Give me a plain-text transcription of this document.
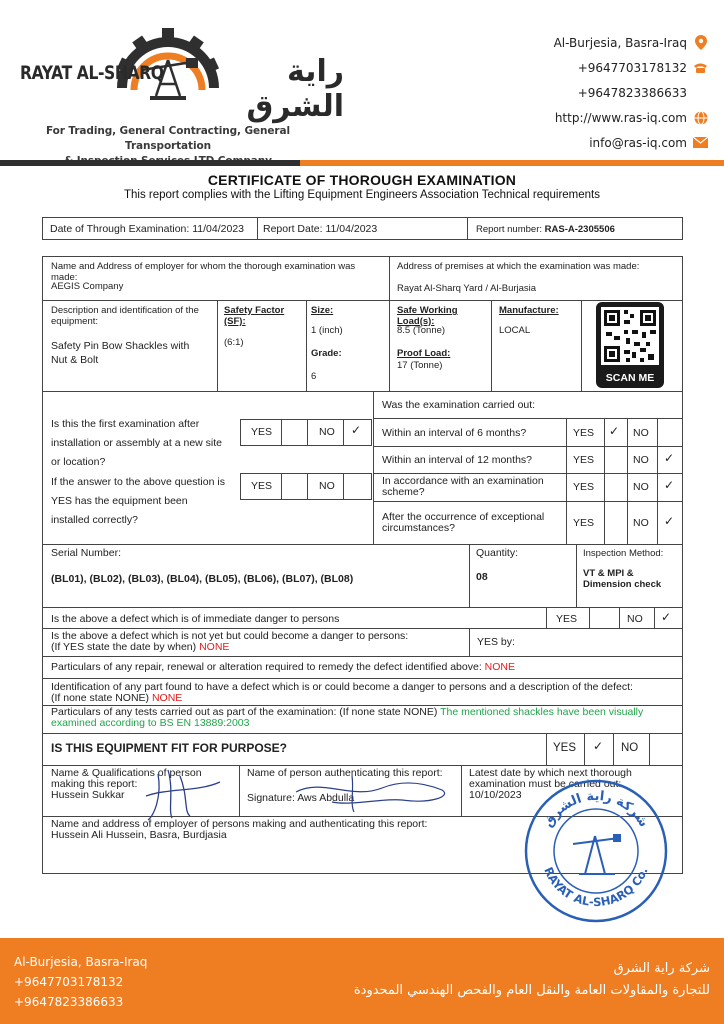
RAYAT AL-SHARQ	راية الشرق
For Trading, General Contracting, General Transportation
Al-Burjesia, Basra-Iraq
+9647703178132
+9647823386633
http://www.ras-iq.com
info@ras-iq.com
CERTIFICATE OF THOROUGH EXAMINATION
This report complies with the Lifting Equipment Engineers Association Technical requirements
Date of Through Examination: 11/04/2023 Report Date: 11/04/2023	Report number: RAS-A-2305506
Name and Address of employer for whom the thorough examination was made:
AEGIS Company
Address of premises at which the examination was made:
Rayat Al-Sharq Yard / Al-Burjasia
Description and identification of the equipment:
Safety Pin Bow Shackles with
Nut & Bolt
Safety Factor (SF):
(6:1)
Size:
1 (inch)
Grade:
6
Safe Working Load(s):
8.5 (Tonne)
Proof Load:
17 (Tonne)
Manufacture:
LOCAL
Is this the first examination after
installation or assembly at a new site
or location?
YES	NO ✓
If the answer to the above question is
YES has the equipment been
installed correctly?
YES	NO
Was the examination carried out:
Within an interval of 6 months?	YES ✓ NO
Within an interval of 12 months?	YES	NO ✓
In accordance with an examination
scheme?	YES	NO ✓
After the occurrence of exceptional
circumstances?	YES	NO ✓
Serial Number:
(BL01), (BL02), (BL03), (BL04), (BL05), (BL06), (BL07), (BL08)
Quantity:
08
Inspection Method:
VT & MPI &
Dimension check
Is the above a defect which is of immediate danger to persons	YES	NO ✓
Is the above a defect which is not yet but could become a danger to persons:
(If YES state the date by when) NONE	YES by:
Particulars of any repair, renewal or alteration required to remedy the defect identified above: NONE
Identification of any part found to have a defect which is or could become a danger to persons and a description of the defect:
(If none state NONE) NONE
Particulars of any tests carried out as part of the examination: (If none state NONE) The mentioned shackles have been visually
examined according to BS EN 13889:2003
IS THIS EQUIPMENT FIT FOR PURPOSE?	YES ✓ NO
Name & Qualifications of person
making this report:
Hussein Sukkar
Name of person authenticating this report:
Signature: Aws Abdulla
Latest date by which next thorough
examination must be carried out:
10/10/2023
Name and address of employer of persons making and authenticating this report:
Hussein Ali Hussein, Basra, Burdjasia
SCAN ME
شركة راية الشرق
RAYAT AL-SHARQ Co.
Al-Burjesia, Basra-Iraq
+9647703178132
+9647823386633
شركة راية الشرق
للتجارة والمقاولات العامة والنقل العام والفحص الهندسي المحدودة
